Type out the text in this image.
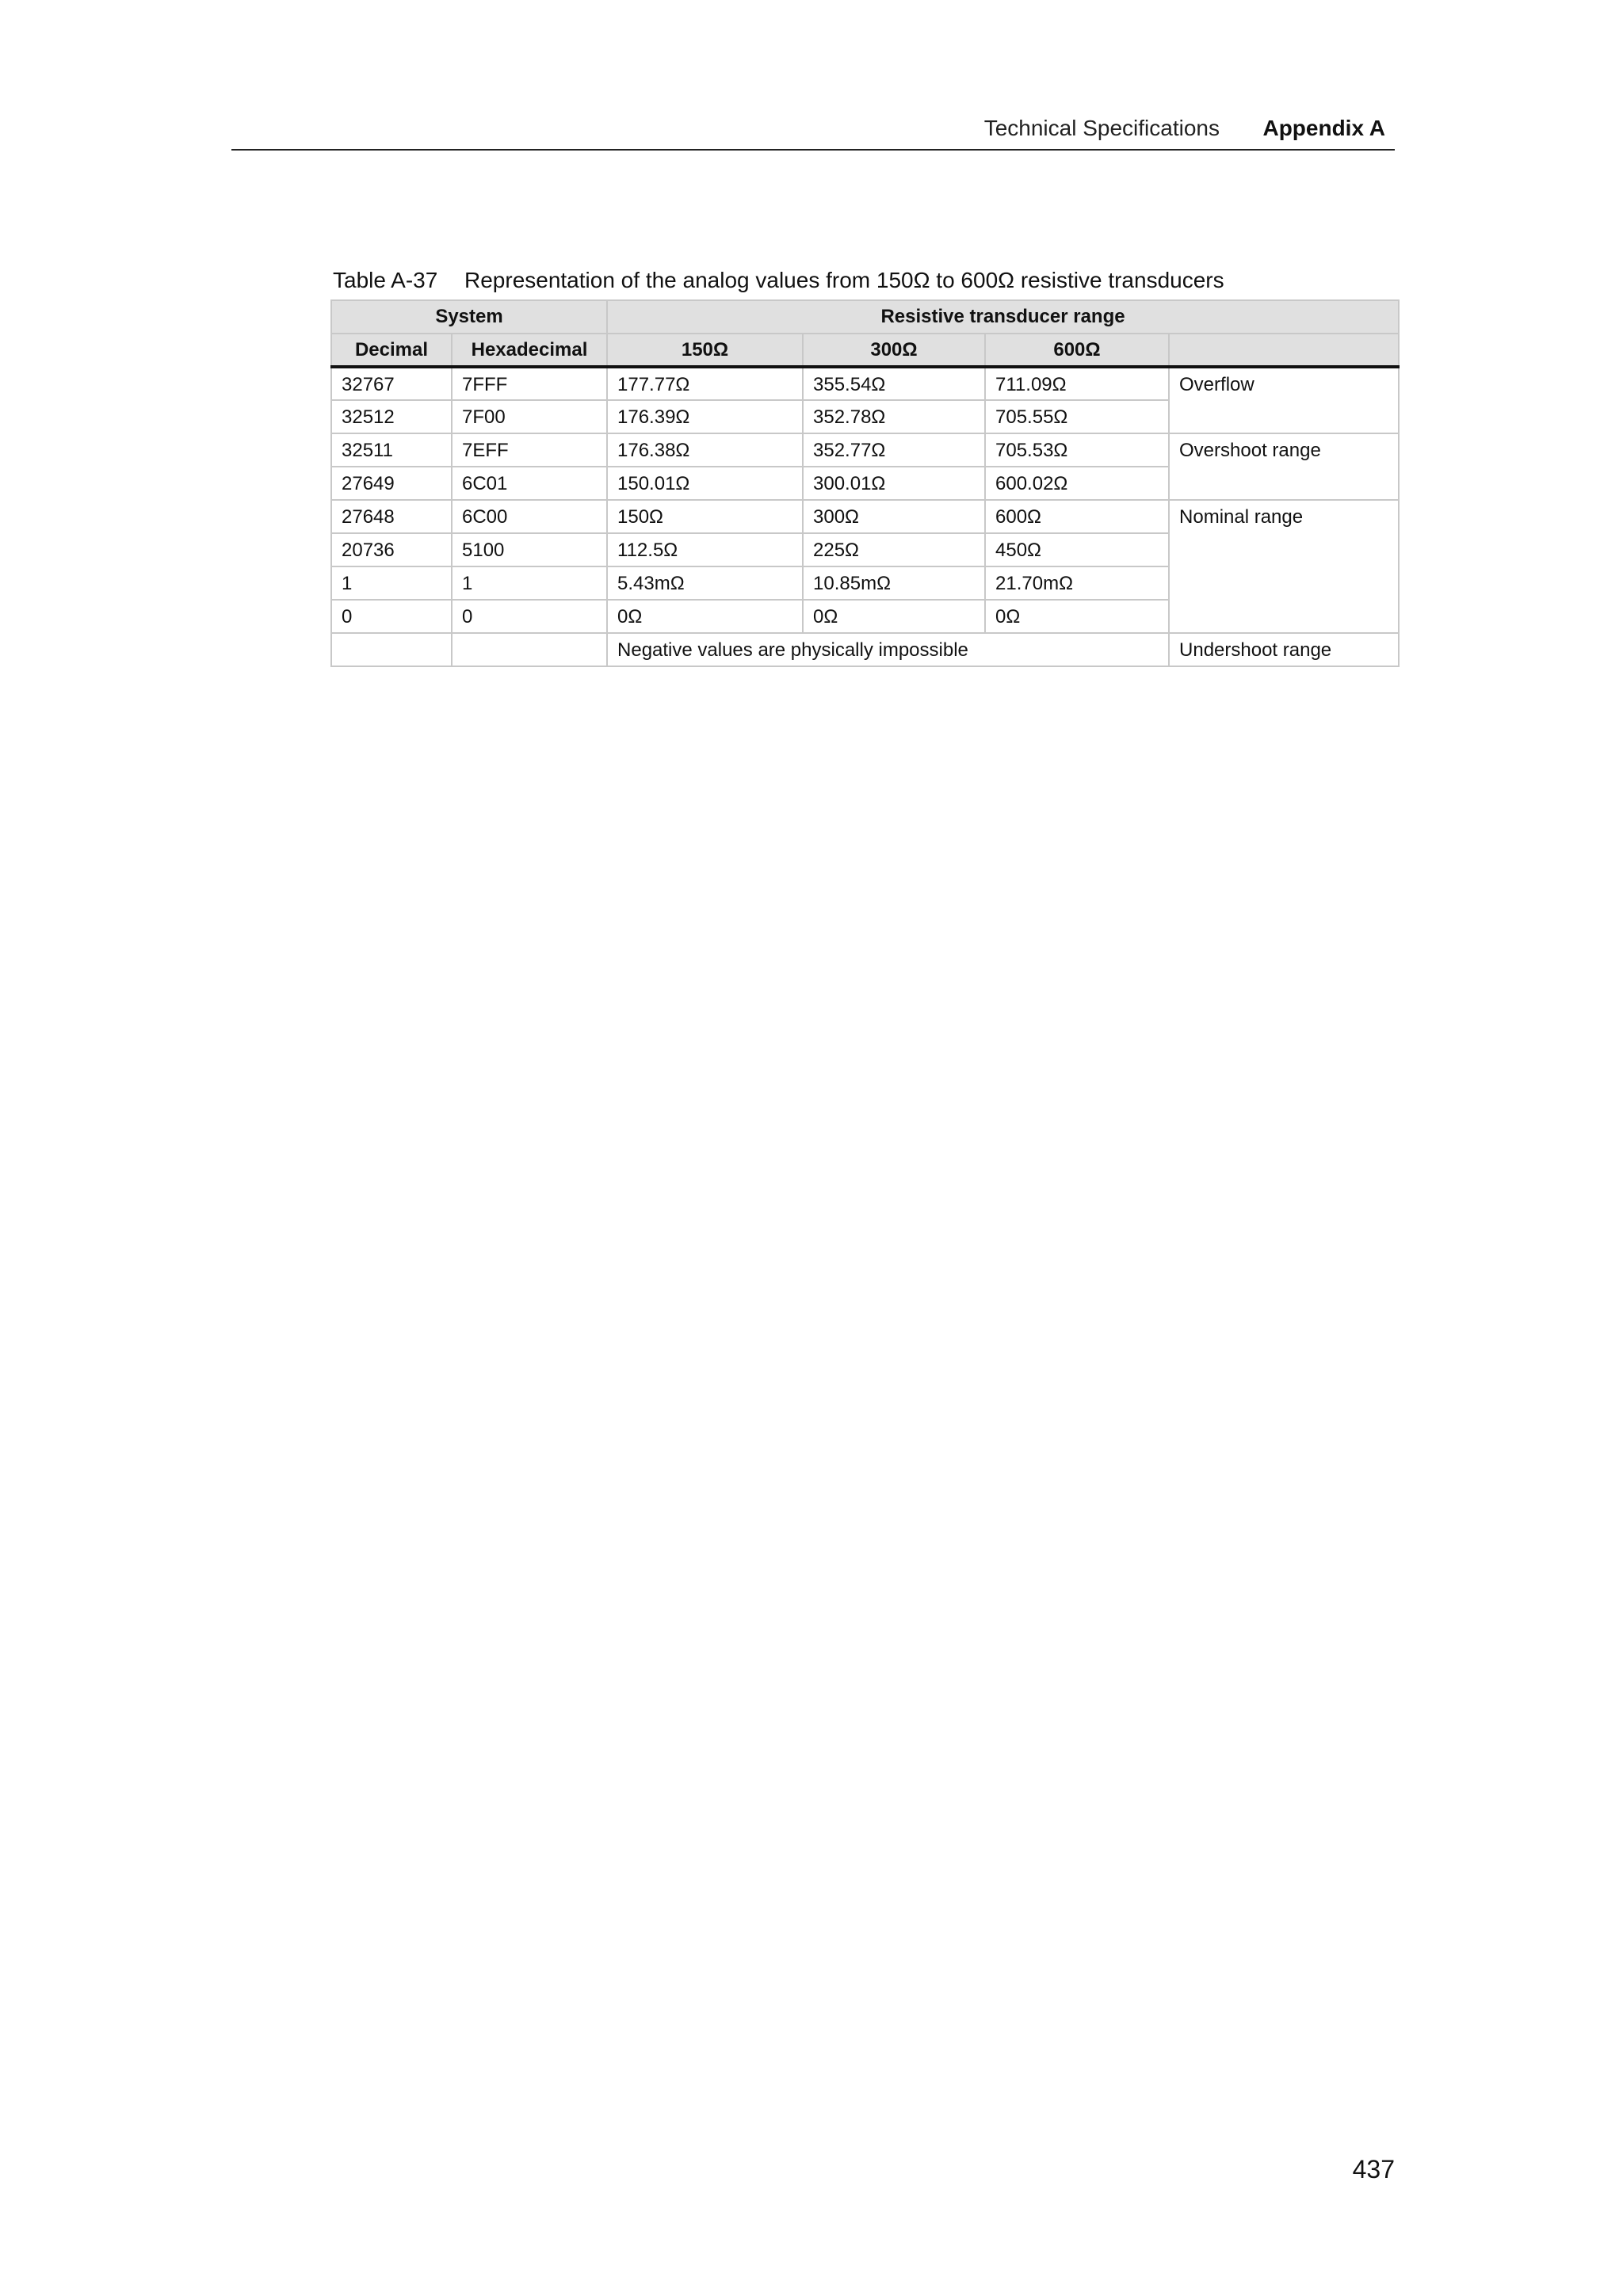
Technical Specifications Appendix A
Table A-37 Representation of the analog values from 150Ω to 600Ω resistive transducers
System		Resistive transducer range			
Decimal	Hexadecimal	150Ω	300Ω	600Ω	
32767	7FFF	177.77Ω	355.54Ω	711.09Ω	Overflow
32512	7F00	176.39Ω	352.78Ω	705.55Ω	
32511	7EFF	176.38Ω	352.77Ω	705.53Ω	Overshoot range
27649	6C01	150.01Ω	300.01Ω	600.02Ω	
27648	6C00	150Ω	300Ω	600Ω	Nominal range
20736	5100	112.5Ω	225Ω	450Ω	
1	1	5.43mΩ	10.85mΩ	21.70mΩ	
0	0	0Ω	0Ω	0Ω	
		Negative values are physically impossible			Undershoot range
437
